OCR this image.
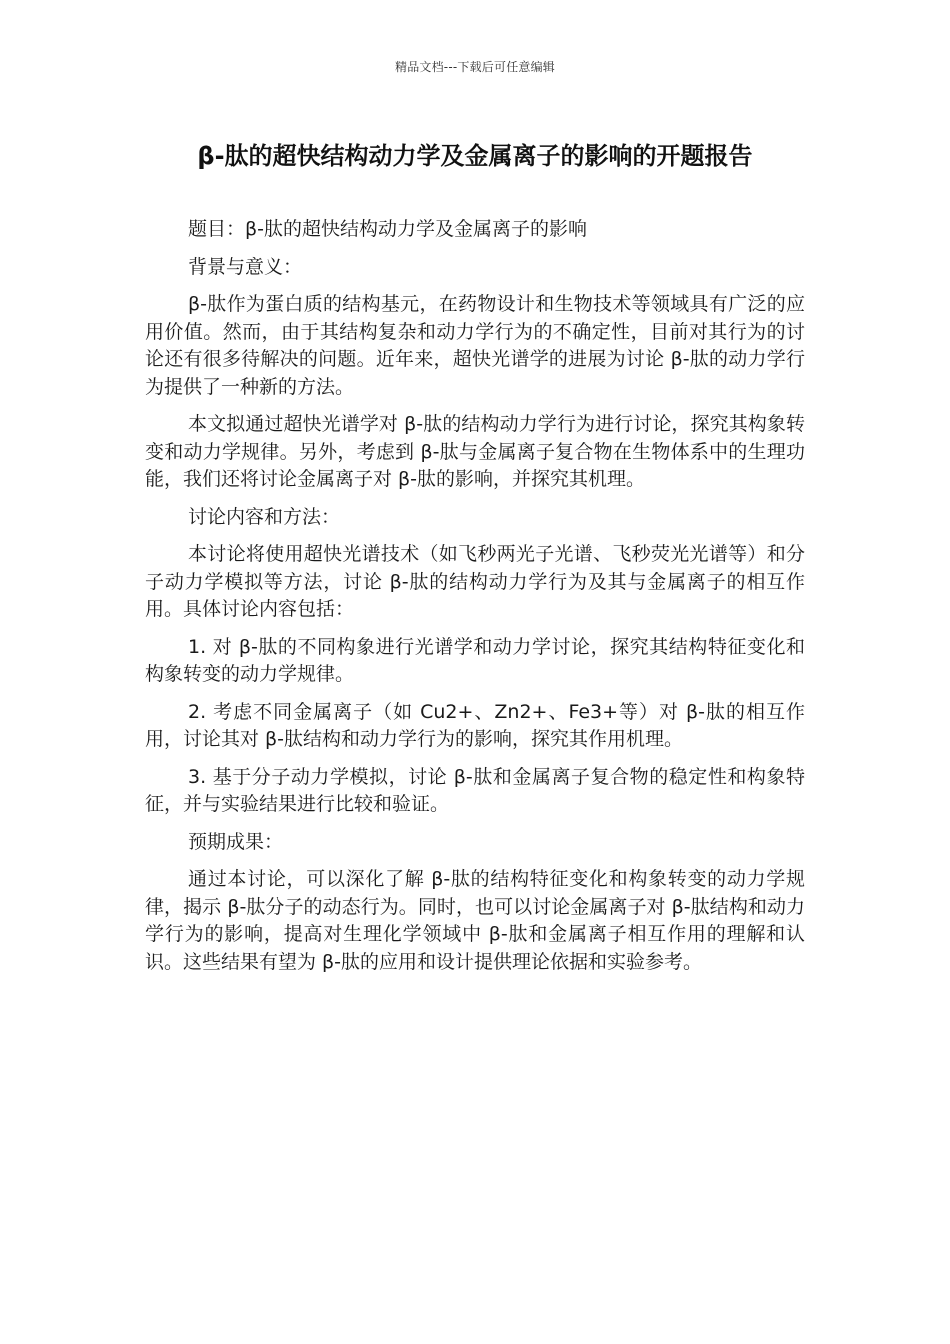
精品文档---下载后可任意编辑
β-肽的超快结构动力学及金属离子的影响的开题报告

题目：β-肽的超快结构动力学及金属离子的影响

背景与意义：

β-肽作为蛋白质的结构基元，在药物设计和生物技术等领域具有广泛的应用价值。然而，由于其结构复杂和动力学行为的不确定性，目前对其行为的讨论还有很多待解决的问题。近年来，超快光谱学的进展为讨论 β-肽的动力学行为提供了一种新的方法。

本文拟通过超快光谱学对 β-肽的结构动力学行为进行讨论，探究其构象转变和动力学规律。另外，考虑到 β-肽与金属离子复合物在生物体系中的生理功能，我们还将讨论金属离子对 β-肽的影响，并探究其机理。

讨论内容和方法：

本讨论将使用超快光谱技术（如飞秒两光子光谱、飞秒荧光光谱等）和分子动力学模拟等方法，讨论 β-肽的结构动力学行为及其与金属离子的相互作用。具体讨论内容包括：

1. 对 β-肽的不同构象进行光谱学和动力学讨论，探究其结构特征变化和构象转变的动力学规律。

2. 考虑不同金属离子（如 Cu2+、Zn2+、Fe3+等）对 β-肽的相互作用，讨论其对 β-肽结构和动力学行为的影响，探究其作用机理。

3. 基于分子动力学模拟，讨论 β-肽和金属离子复合物的稳定性和构象特征，并与实验结果进行比较和验证。

预期成果：

通过本讨论，可以深化了解 β-肽的结构特征变化和构象转变的动力学规律，揭示 β-肽分子的动态行为。同时，也可以讨论金属离子对 β-肽结构和动力学行为的影响，提高对生理化学领域中 β-肽和金属离子相互作用的理解和认识。这些结果有望为 β-肽的应用和设计提供理论依据和实验参考。
